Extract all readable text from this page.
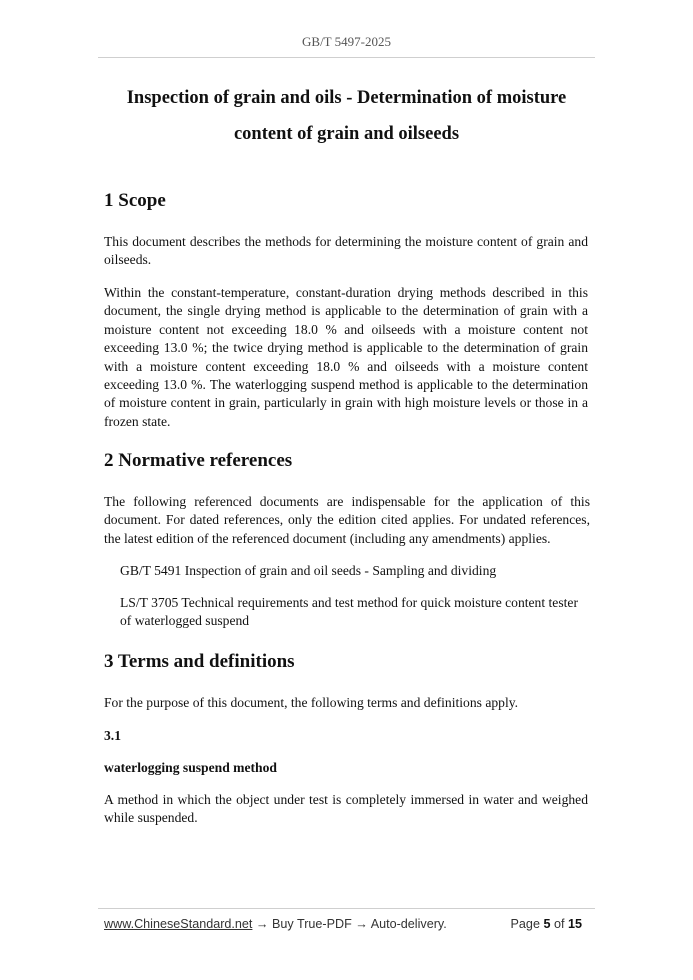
GB/T 5497-2025
Inspection of grain and oils - Determination of moisture
content of grain and oilseeds
1 Scope

This document describes the methods for determining the moisture content of grain and oilseeds.

Within the constant-temperature, constant-duration drying methods described in this document, the single drying method is applicable to the determination of grain with a moisture content not exceeding 18.0 % and oilseeds with a moisture content not exceeding 13.0 %; the twice drying method is applicable to the determination of grain with a moisture content exceeding 18.0 % and oilseeds with a moisture content exceeding 13.0 %. The waterlogging suspend method is applicable to the determination of moisture content in grain, particularly in grain with high moisture levels or those in a frozen state.

2 Normative references

The following referenced documents are indispensable for the application of this document. For dated references, only the edition cited applies. For undated references, the latest edition of the referenced document (including any amendments) applies.

GB/T 5491 Inspection of grain and oil seeds - Sampling and dividing

LS/T 3705 Technical requirements and test method for quick moisture content tester of waterlogged suspend

3 Terms and definitions

For the purpose of this document, the following terms and definitions apply.

3.1

waterlogging suspend method

A method in which the object under test is completely immersed in water and weighed while suspended.

www.ChineseStandard.net → Buy True-PDF → Auto-delivery.	Page 5 of 15
